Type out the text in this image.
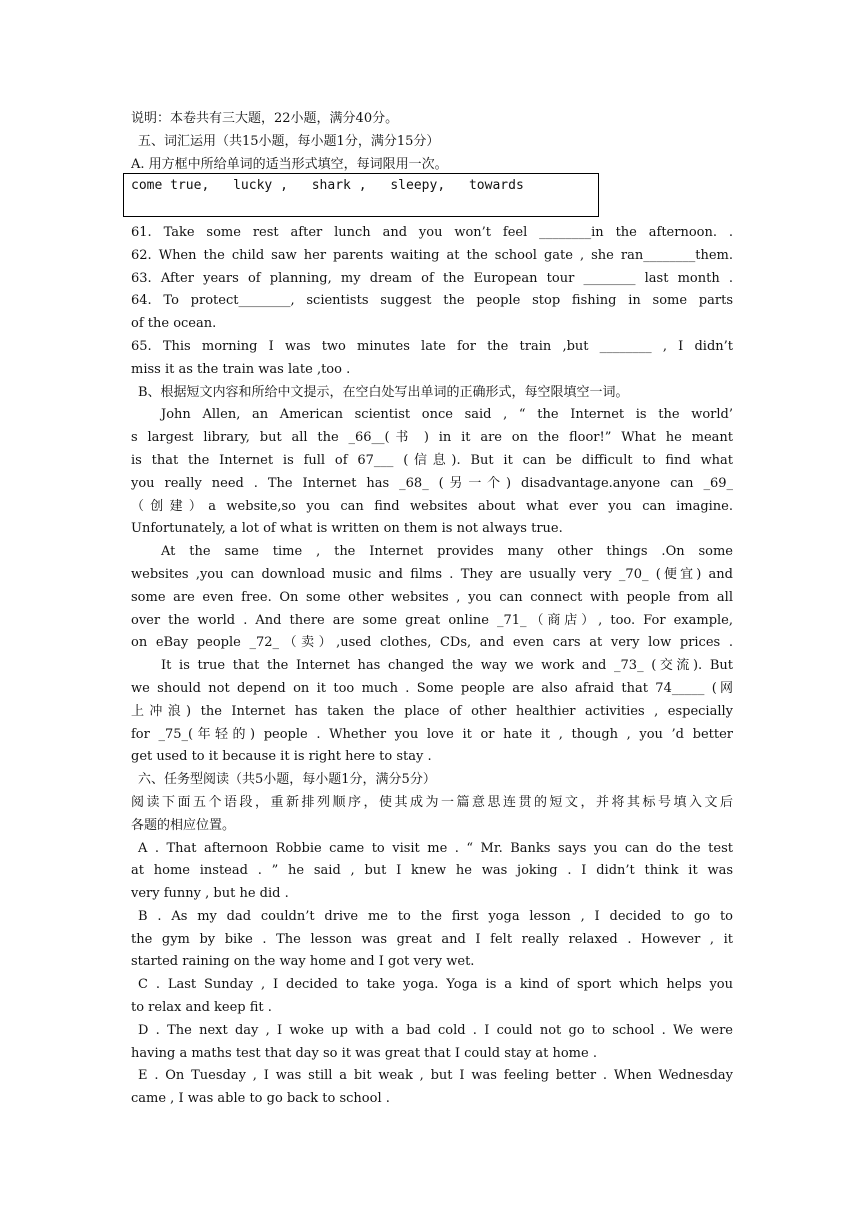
说明：本卷共有三大题，22小题，满分40分。
五、词汇运用（共15小题，每小题1分，满分15分）
A. 用方框中所给单词的适当形式填空，每词限用一次。
61. Take some rest after lunch and you won’t feel ________in the afternoon. .
62. When the child saw her parents waiting at the school gate , she ran________them.
63. After years of planning, my dream of the European tour ________ last month .
64. To protect________, scientists suggest the people stop fishing in some parts
of the ocean.
65. This morning I was two minutes late for the train ,but ________ , I didn’t
miss it as the train was late ,too .
B、根据短文内容和所给中文提示，在空白处写出单词的正确形式，每空限填空一词。
John Allen, an American scientist once said , “ the Internet is the world’
s largest library, but all the _66__(书 ) in it are on the floor!” What he meant
is that the Internet is full of 67___ (信息). But it can be difficult to find what
you really need . The Internet has _68_ (另一个) disadvantage.anyone can _69_
（创建）a website,so you can find websites about what ever you can imagine.
Unfortunately, a lot of what is written on them is not always true.
At the same time , the Internet provides many other things .On some
websites ,you can download music and films . They are usually very _70_ (便宜) and
some are even free. On some other websites , you can connect with people from all
over the world . And there are some great online _71_（商店）, too. For example,
on eBay people _72_（卖）,used clothes, CDs, and even cars at very low prices .
It is true that the Internet has changed the way we work and _73_ (交流). But
we should not depend on it too much . Some people are also afraid that 74_____ (网
上冲浪) the Internet has taken the place of other healthier activities , especially
for _75_(年轻的) people . Whether you love it or hate it , though , you ’d better
get used to it because it is right here to stay .
六、任务型阅读（共5小题，每小题1分，满分5分）
阅读下面五个语段，重新排列顺序，使其成为一篇意思连贯的短文，并将其标号填入文后
各题的相应位置。
A . That afternoon Robbie came to visit me . “ Mr. Banks says you can do the test
at home instead . ” he said , but I knew he was joking . I didn’t think it was
very funny , but he did .
B . As my dad couldn’t drive me to the first yoga lesson , I decided to go to
the gym by bike . The lesson was great and I felt really relaxed . However , it
started raining on the way home and I got very wet.
C . Last Sunday , I decided to take yoga. Yoga is a kind of sport which helps you
to relax and keep fit .
D . The next day , I woke up with a bad cold . I could not go to school . We were
having a maths test that day so it was great that I could stay at home .
E . On Tuesday , I was still a bit weak , but I was feeling better . When Wednesday
came , I was able to go back to school .
come true, lucky , shark , sleepy, towards
